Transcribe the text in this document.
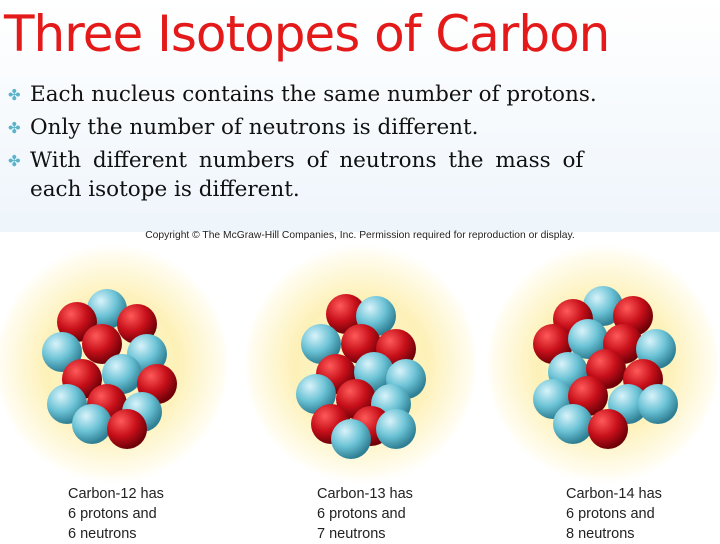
Three Isotopes of Carbon
✤ Each nucleus contains the same number of protons.
✤ Only the number of neutrons is different.
✤ With different numbers of neutrons the mass of
each isotope is different.
Copyright © The McGraw-Hill Companies, Inc. Permission required for reproduction or display.

Carbon-12 has
6 protons and
6 neutrons

Carbon-13 has
6 protons and
7 neutrons

Carbon-14 has
6 protons and
8 neutrons
